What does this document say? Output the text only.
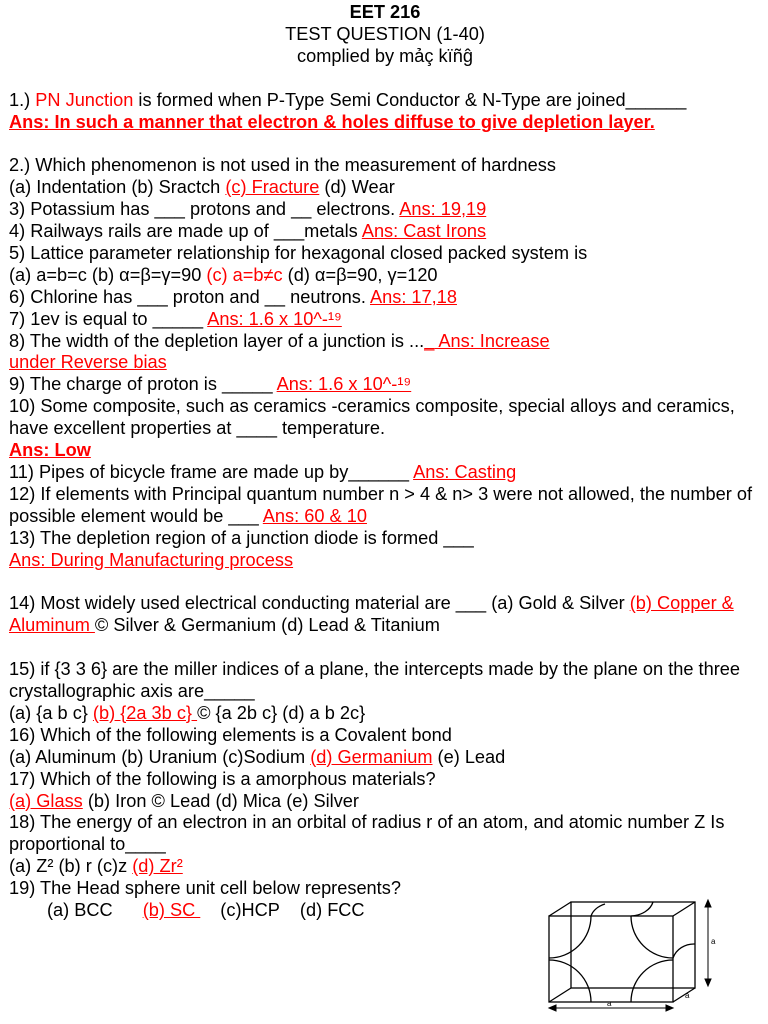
EET 216
TEST QUESTION (1-40)
complied by mảç kïñĝ
1.) PN Junction is formed when P-Type Semi Conductor & N-Type are joined______
Ans: In such a manner that electron & holes diffuse to give depletion layer.
2.) Which phenomenon is not used in the measurement of hardness
(a) Indentation (b) Sractch (c) Fracture (d) Wear
3) Potassium has ___ protons and __ electrons. Ans: 19,19
4) Railways rails are made up of ___metals Ans: Cast Irons
5) Lattice parameter relationship for hexagonal closed packed system is
(a) a=b=c (b) α=β=γ=90 (c) a=b≠c (d) α=β=90, γ=120
6) Chlorine has ___ proton and __ neutrons. Ans: 17,18
7) 1ev is equal to _____ Ans: 1.6 x 10^-¹⁹
8) The width of the depletion layer of a junction is ..._ Ans: Increase
under Reverse bias
9) The charge of proton is _____ Ans: 1.6 x 10^-¹⁹
10) Some composite, such as ceramics -ceramics composite, special alloys and ceramics, have excellent properties at ____ temperature.
Ans: Low
11) Pipes of bicycle frame are made up by______ Ans: Casting
12) If elements with Principal quantum number n > 4 & n> 3 were not allowed, the number of possible element would be ___ Ans: 60 & 10
13) The depletion region of a junction diode is formed ___
Ans: During Manufacturing process
14) Most widely used electrical conducting material are ___ (a) Gold & Silver (b) Copper & Aluminum © Silver & Germanium (d) Lead & Titanium
15) if {3 3 6} are the miller indices of a plane, the intercepts made by the plane on the three crystallographic axis are_____
(a) {a b c} (b) {2a 3b c} © {a 2b c} (d) a b 2c}
16) Which of the following elements is a Covalent bond
(a) Aluminum (b) Uranium (c)Sodium (d) Germanium (e) Lead
17) Which of the following is a amorphous materials?
(a) Glass (b) Iron © Lead (d) Mica (e) Silver
18) The energy of an electron in an orbital of radius r of an atom, and atomic number Z Is proportional to____
(a) Z² (b) r (c)z (d) Zr²
19) The Head sphere unit cell below represents?
(a) BCC (b) SC (c)HCP (d) FCC
a
a
a
